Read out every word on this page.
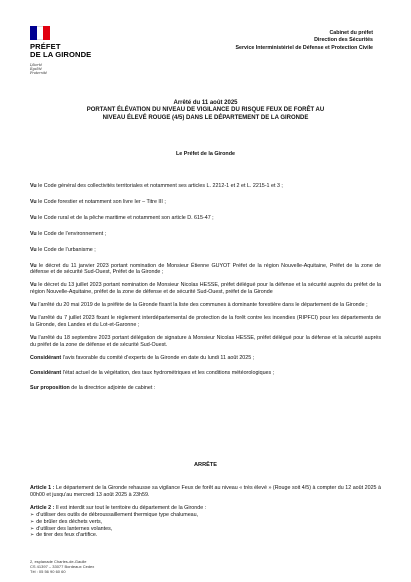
PRÉFET
DE LA GIRONDE
Liberté
Égalité
Fraternité
Cabinet du préfet
Direction des Sécurités
Service Interministériel de Défense et Protection Civile
Arrêté du 11 août 2025
PORTANT ÉLÉVATION DU NIVEAU DE VIGILANCE DU RISQUE FEUX DE FORÊT AU
NIVEAU ÉLEVÉ ROUGE (4/5) DANS LE DÉPARTEMENT DE LA GIRONDE
Le Préfet de la Gironde

Vu le Code général des collectivités territoriales et notamment ses articles L. 2212-1 et 2 et L. 2215-1 et 3 ;

Vu le Code forestier et notamment son livre Ier – Titre III ;

Vu le Code rural et de la pêche maritime et notamment son article D. 615-47 ;

Vu le Code de l’environnement ;

Vu le Code de l’urbanisme ;

Vu le décret du 11 janvier 2023 portant nomination de Monsieur Étienne GUYOT Préfet de la région Nouvelle-Aquitaine, Préfet de la zone de défense et de sécurité Sud-Ouest, Préfet de la Gironde ;

Vu le décret du 13 juillet 2023 portant nomination de Monsieur Nicolas HESSE, préfet délégué pour la défense et la sécurité auprès du préfet de la région Nouvelle-Aquitaine, préfet de la zone de défense et de sécurité Sud-Ouest, préfet de la Gironde

Vu l’arrêté du 20 mai 2019 de la préfète de la Gironde fixant la liste des communes à dominante forestière dans le département de la Gironde ;

Vu l’arrêté du 7 juillet 2023 fixant le règlement interdépartemental de protection de la forêt contre les incendies (RIPFCI) pour les départements de la Gironde, des Landes et du Lot-et-Garonne ;

Vu l’arrêté du 18 septembre 2023 portant délégation de signature à Monsieur Nicolas HESSE, préfet délégué pour la défense et la sécurité auprès du préfet de la zone de défense et de sécurité Sud-Ouest.

Considérant l’avis favorable du comité d’experts de la Gironde en date du lundi 11 août 2025 ;

Considérant l’état actuel de la végétation, des taux hydrométriques et les conditions météorologiques ;

Sur proposition de la directrice adjointe de cabinet :

ARRÊTE

Article 1 : Le département de la Gironde rehausse sa vigilance Feux de forêt au niveau « très élevé » (Rouge soit 4/5) à compter du 12 août 2025 à 00h00 et jusqu’au mercredi 13 août 2025 à 23h59.

Article 2 : Il est interdit sur tout le territoire du département de la Gironde :

➢ d’utiliser des outils de débroussaillement thermique type chalumeau,
➢ de brûler des déchets verts,
➢ d’utiliser des lanternes volantes,
➢ de tirer des feux d’artifice.
2, esplanade Charles-de-Gaulle
CS 41397 – 33077 Bordeaux Cedex
Tél : 05 56 90 60 60
